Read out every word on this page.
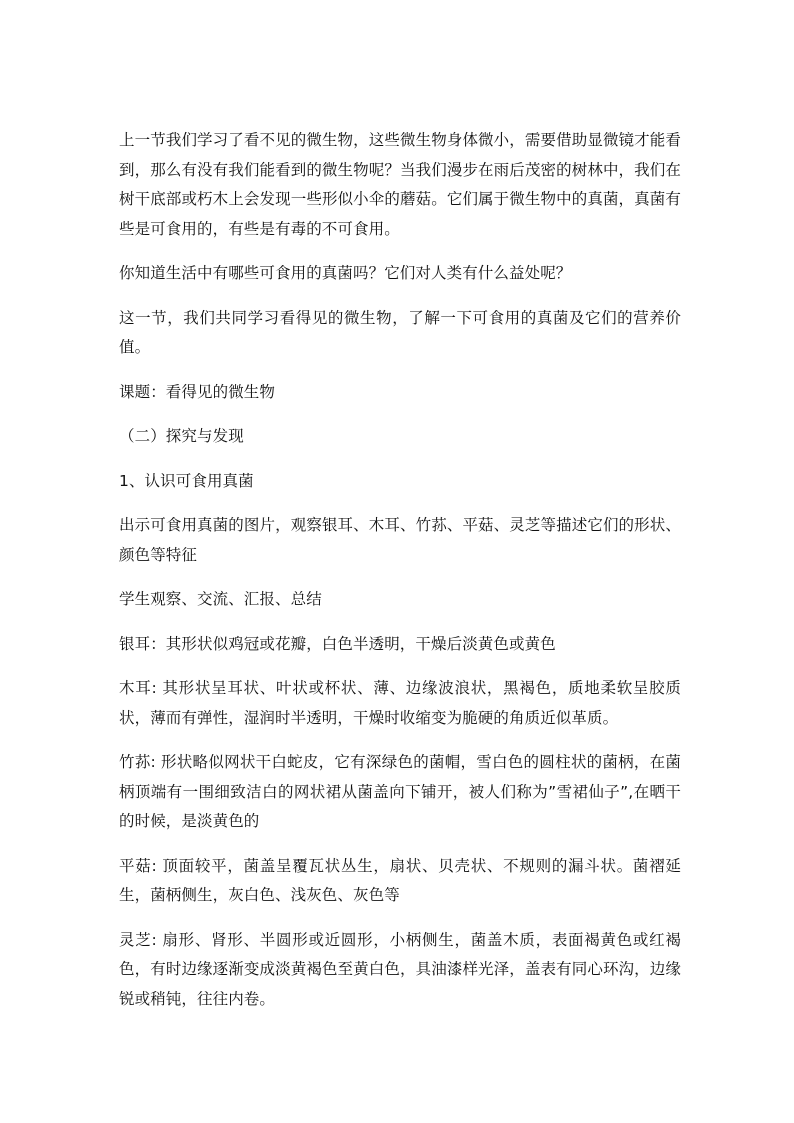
上一节我们学习了看不见的微生物，这些微生物身体微小，需要借助显微镜才能看到，那么有没有我们能看到的微生物呢？当我们漫步在雨后茂密的树林中，我们在树干底部或朽木上会发现一些形似小伞的蘑菇。它们属于微生物中的真菌，真菌有些是可食用的，有些是有毒的不可食用。

你知道生活中有哪些可食用的真菌吗？它们对人类有什么益处呢？

这一节，我们共同学习看得见的微生物，了解一下可食用的真菌及它们的营养价值。

课题：看得见的微生物

（二）探究与发现

1、认识可食用真菌

出示可食用真菌的图片，观察银耳、木耳、竹荪、平菇、灵芝等描述它们的形状、颜色等特征

学生观察、交流、汇报、总结

银耳：其形状似鸡冠或花瓣，白色半透明，干燥后淡黄色或黄色

木耳: 其形状呈耳状、叶状或杯状、薄、边缘波浪状，黑褐色，质地柔软呈胶质状，薄而有弹性，湿润时半透明，干燥时收缩变为脆硬的角质近似革质。

竹荪: 形状略似网状干白蛇皮，它有深绿色的菌帽，雪白色的圆柱状的菌柄，在菌柄顶端有一围细致洁白的网状裙从菌盖向下铺开，被人们称为”雪裙仙子”,在晒干的时候，是淡黄色的

平菇: 顶面较平，菌盖呈覆瓦状丛生，扇状、贝壳状、不规则的漏斗状。菌褶延生，菌柄侧生，灰白色、浅灰色、灰色等

灵芝: 扇形、肾形、半圆形或近圆形，小柄侧生，菌盖木质，表面褐黄色或红褐色，有时边缘逐渐变成淡黄褐色至黄白色，具油漆样光泽，盖表有同心环沟，边缘锐或稍钝，往往内卷。
